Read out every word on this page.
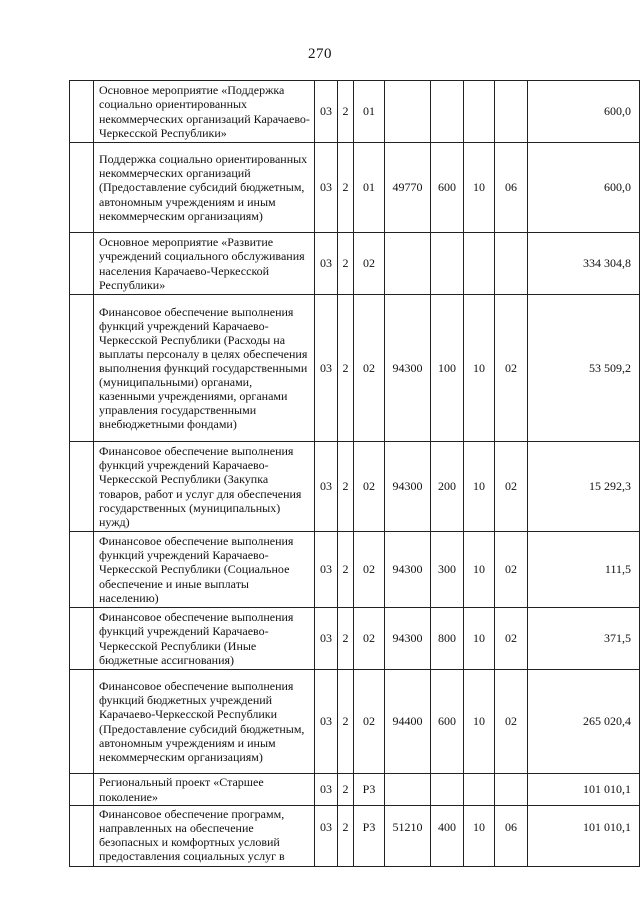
270
	Основное мероприятие «Поддержка социально ориентированных некоммерческих организаций Карачаево-Черкесской Республики»	03	2	01					600,0
	Поддержка социально ориентированных некоммерческих организаций (Предоставление субсидий бюджетным, автономным учреждениям и иным некоммерческим организациям)	03	2	01	49770	600	10	06	600,0
	Основное мероприятие «Развитие учреждений социального обслуживания населения Карачаево-Черкесской Республики»	03	2	02					334 304,8
	Финансовое обеспечение выполнения функций учреждений Карачаево-Черкесской Республики (Расходы на выплаты персоналу в целях обеспечения выполнения функций государственными (муниципальными) органами, казенными учреждениями, органами управления государственными внебюджетными фондами)	03	2	02	94300	100	10	02	53 509,2
	Финансовое обеспечение выполнения функций учреждений Карачаево-Черкесской Республики (Закупка товаров, работ и услуг для обеспечения государственных (муниципальных) нужд)	03	2	02	94300	200	10	02	15 292,3
	Финансовое обеспечение выполнения функций учреждений Карачаево-Черкесской Республики (Социальное обеспечение и иные выплаты населению)	03	2	02	94300	300	10	02	111,5
	Финансовое обеспечение выполнения функций учреждений Карачаево-Черкесской Республики (Иные бюджетные ассигнования)	03	2	02	94300	800	10	02	371,5
	Финансовое обеспечение выполнения функций бюджетных учреждений Карачаево-Черкесской Республики (Предоставление субсидий бюджетным, автономным учреждениям и иным некоммерческим организациям)	03	2	02	94400	600	10	02	265 020,4
	Региональный проект «Старшее поколение»	03	2	P3					101 010,1
	Финансовое обеспечение программ, направленных на обеспечение безопасных и комфортных условий предоставления социальных услуг в	03	2	P3	51210	400	10	06	101 010,1
